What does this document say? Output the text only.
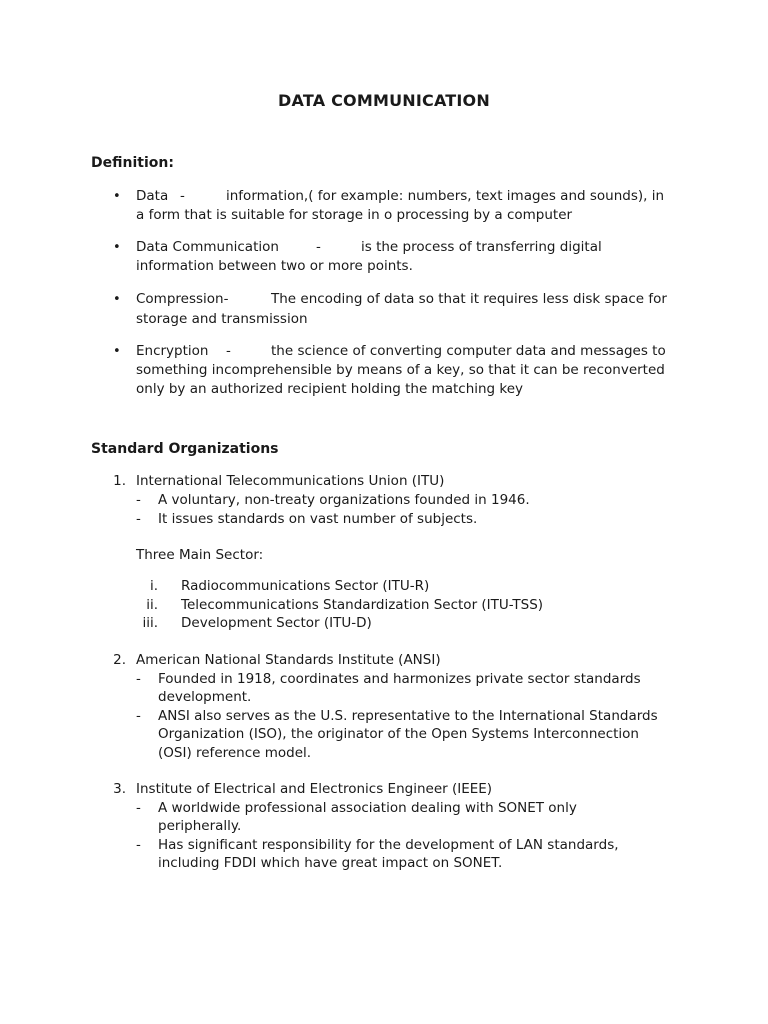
DATA COMMUNICATION
Definition:
• Data -	information,( for example: numbers, text images and sounds), in
a form that is suitable for storage in o processing by a computer
• Data Communication	-	is the process of transferring digital
information between two or more points.
• Compression-	The encoding of data so that it requires less disk space for
storage and transmission
• Encryption -	the science of converting computer data and messages to
something incomprehensible by means of a key, so that it can be reconverted
only by an authorized recipient holding the matching key
Standard Organizations
1. International Telecommunications Union (ITU)
- A voluntary, non-treaty organizations founded in 1946.
- It issues standards on vast number of subjects.
Three Main Sector:
i. Radiocommunications Sector (ITU-R)
ii. Telecommunications Standardization Sector (ITU-TSS)
iii. Development Sector (ITU-D)
2. American National Standards Institute (ANSI)
- Founded in 1918, coordinates and harmonizes private sector standards
development.
- ANSI also serves as the U.S. representative to the International Standards
Organization (ISO), the originator of the Open Systems Interconnection
(OSI) reference model.
3. Institute of Electrical and Electronics Engineer (IEEE)
- A worldwide professional association dealing with SONET only
peripherally.
- Has significant responsibility for the development of LAN standards,
including FDDI which have great impact on SONET.
